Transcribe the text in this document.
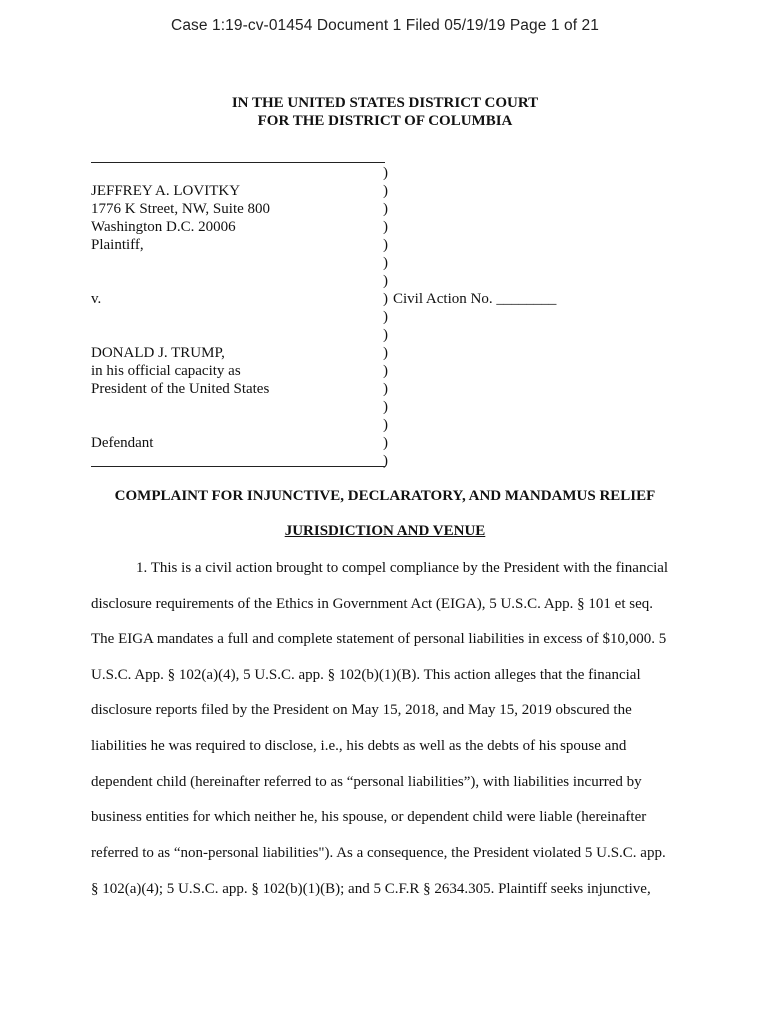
Case 1:19-cv-01454 Document 1 Filed 05/19/19 Page 1 of 21
IN THE UNITED STATES DISTRICT COURT
FOR THE DISTRICT OF COLUMBIA
)
)
)
)
)
)
)
)
)
)
)
)
)
)
)
)
)
JEFFREY A. LOVITKY
1776 K Street, NW, Suite 800
Washington D.C. 20006
Plaintiff,
v.	Civil Action No. ________
DONALD J. TRUMP,
in his official capacity as
President of the United States
Defendant
COMPLAINT FOR INJUNCTIVE, DECLARATORY, AND MANDAMUS RELIEF
JURISDICTION AND VENUE
1. This is a civil action brought to compel compliance by the President with the financial
disclosure requirements of the Ethics in Government Act (EIGA), 5 U.S.C. App. § 101 et seq.
The EIGA mandates a full and complete statement of personal liabilities in excess of $10,000. 5
U.S.C. App. § 102(a)(4), 5 U.S.C. app. § 102(b)(1)(B). This action alleges that the financial
disclosure reports filed by the President on May 15, 2018, and May 15, 2019 obscured the
liabilities he was required to disclose, i.e., his debts as well as the debts of his spouse and
dependent child (hereinafter referred to as “personal liabilities”), with liabilities incurred by
business entities for which neither he, his spouse, or dependent child were liable (hereinafter
referred to as “non-personal liabilities"). As a consequence, the President violated 5 U.S.C. app.
§ 102(a)(4); 5 U.S.C. app. § 102(b)(1)(B); and 5 C.F.R § 2634.305. Plaintiff seeks injunctive,
